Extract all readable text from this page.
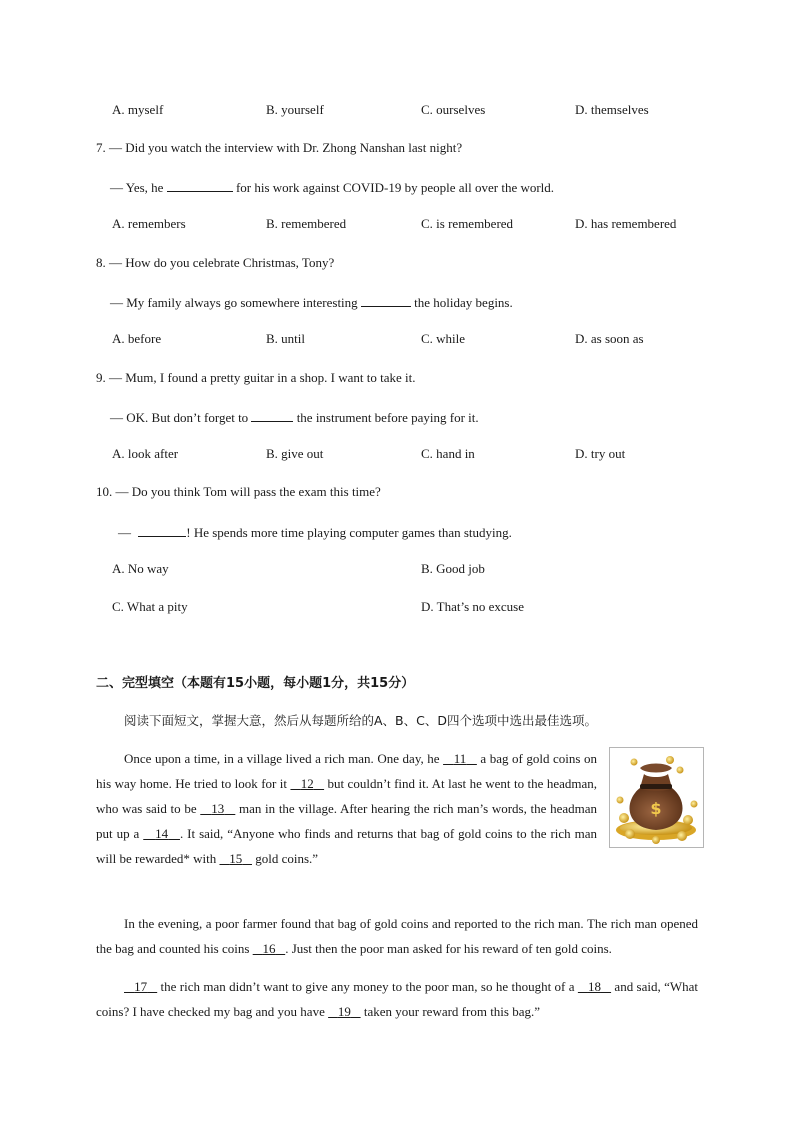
A. myself	B. yourself	C. ourselves	D. themselves
7. — Did you watch the interview with Dr. Zhong Nanshan last night?
— Yes, he	for his work against COVID-19 by people all over the world.
A. remembers	B. remembered	C. is remembered	D. has remembered
8. — How do you celebrate Christmas, Tony?
— My family always go somewhere interesting	the holiday begins.
A. before	B. until	C. while	D. as soon as
9. — Mum, I found a pretty guitar in a shop. I want to take it.
— OK. But don’t forget to	the instrument before paying for it.
A. look after	B. give out	C. hand in	D. try out
10. — Do you think Tom will pass the exam this time?
—	! He spends more time playing computer games than studying.
A. No way	B. Good job
C. What a pity	D. That’s no excuse
二、完型填空（本题有15小题，每小题1分，共15分）
阅读下面短文，掌握大意，然后从每题所给的A、B、C、D四个选项中选出最佳选项。
Once upon a time, in a village lived a rich man. One day, he    11    a bag of gold coins on his way home. He tried to look for it    12    but couldn’t find it. At last he went to the headman, who was said to be    13    man in the village. After hearing the rich man’s words, the headman put up a    14 . It said, “Anyone who finds and returns that bag of gold coins to the rich man will be rewarded* with    15    gold coins.”
$
In the evening, a poor farmer found that bag of gold coins and reported to the rich man. The rich man opened the bag and counted his coins    16 . Just then the poor man asked for his reward of ten gold coins.
17    the rich man didn’t want to give any money to the poor man, so he thought of a    18    and said, “What coins? I have checked my bag and you have    19    taken your reward from this bag.”
